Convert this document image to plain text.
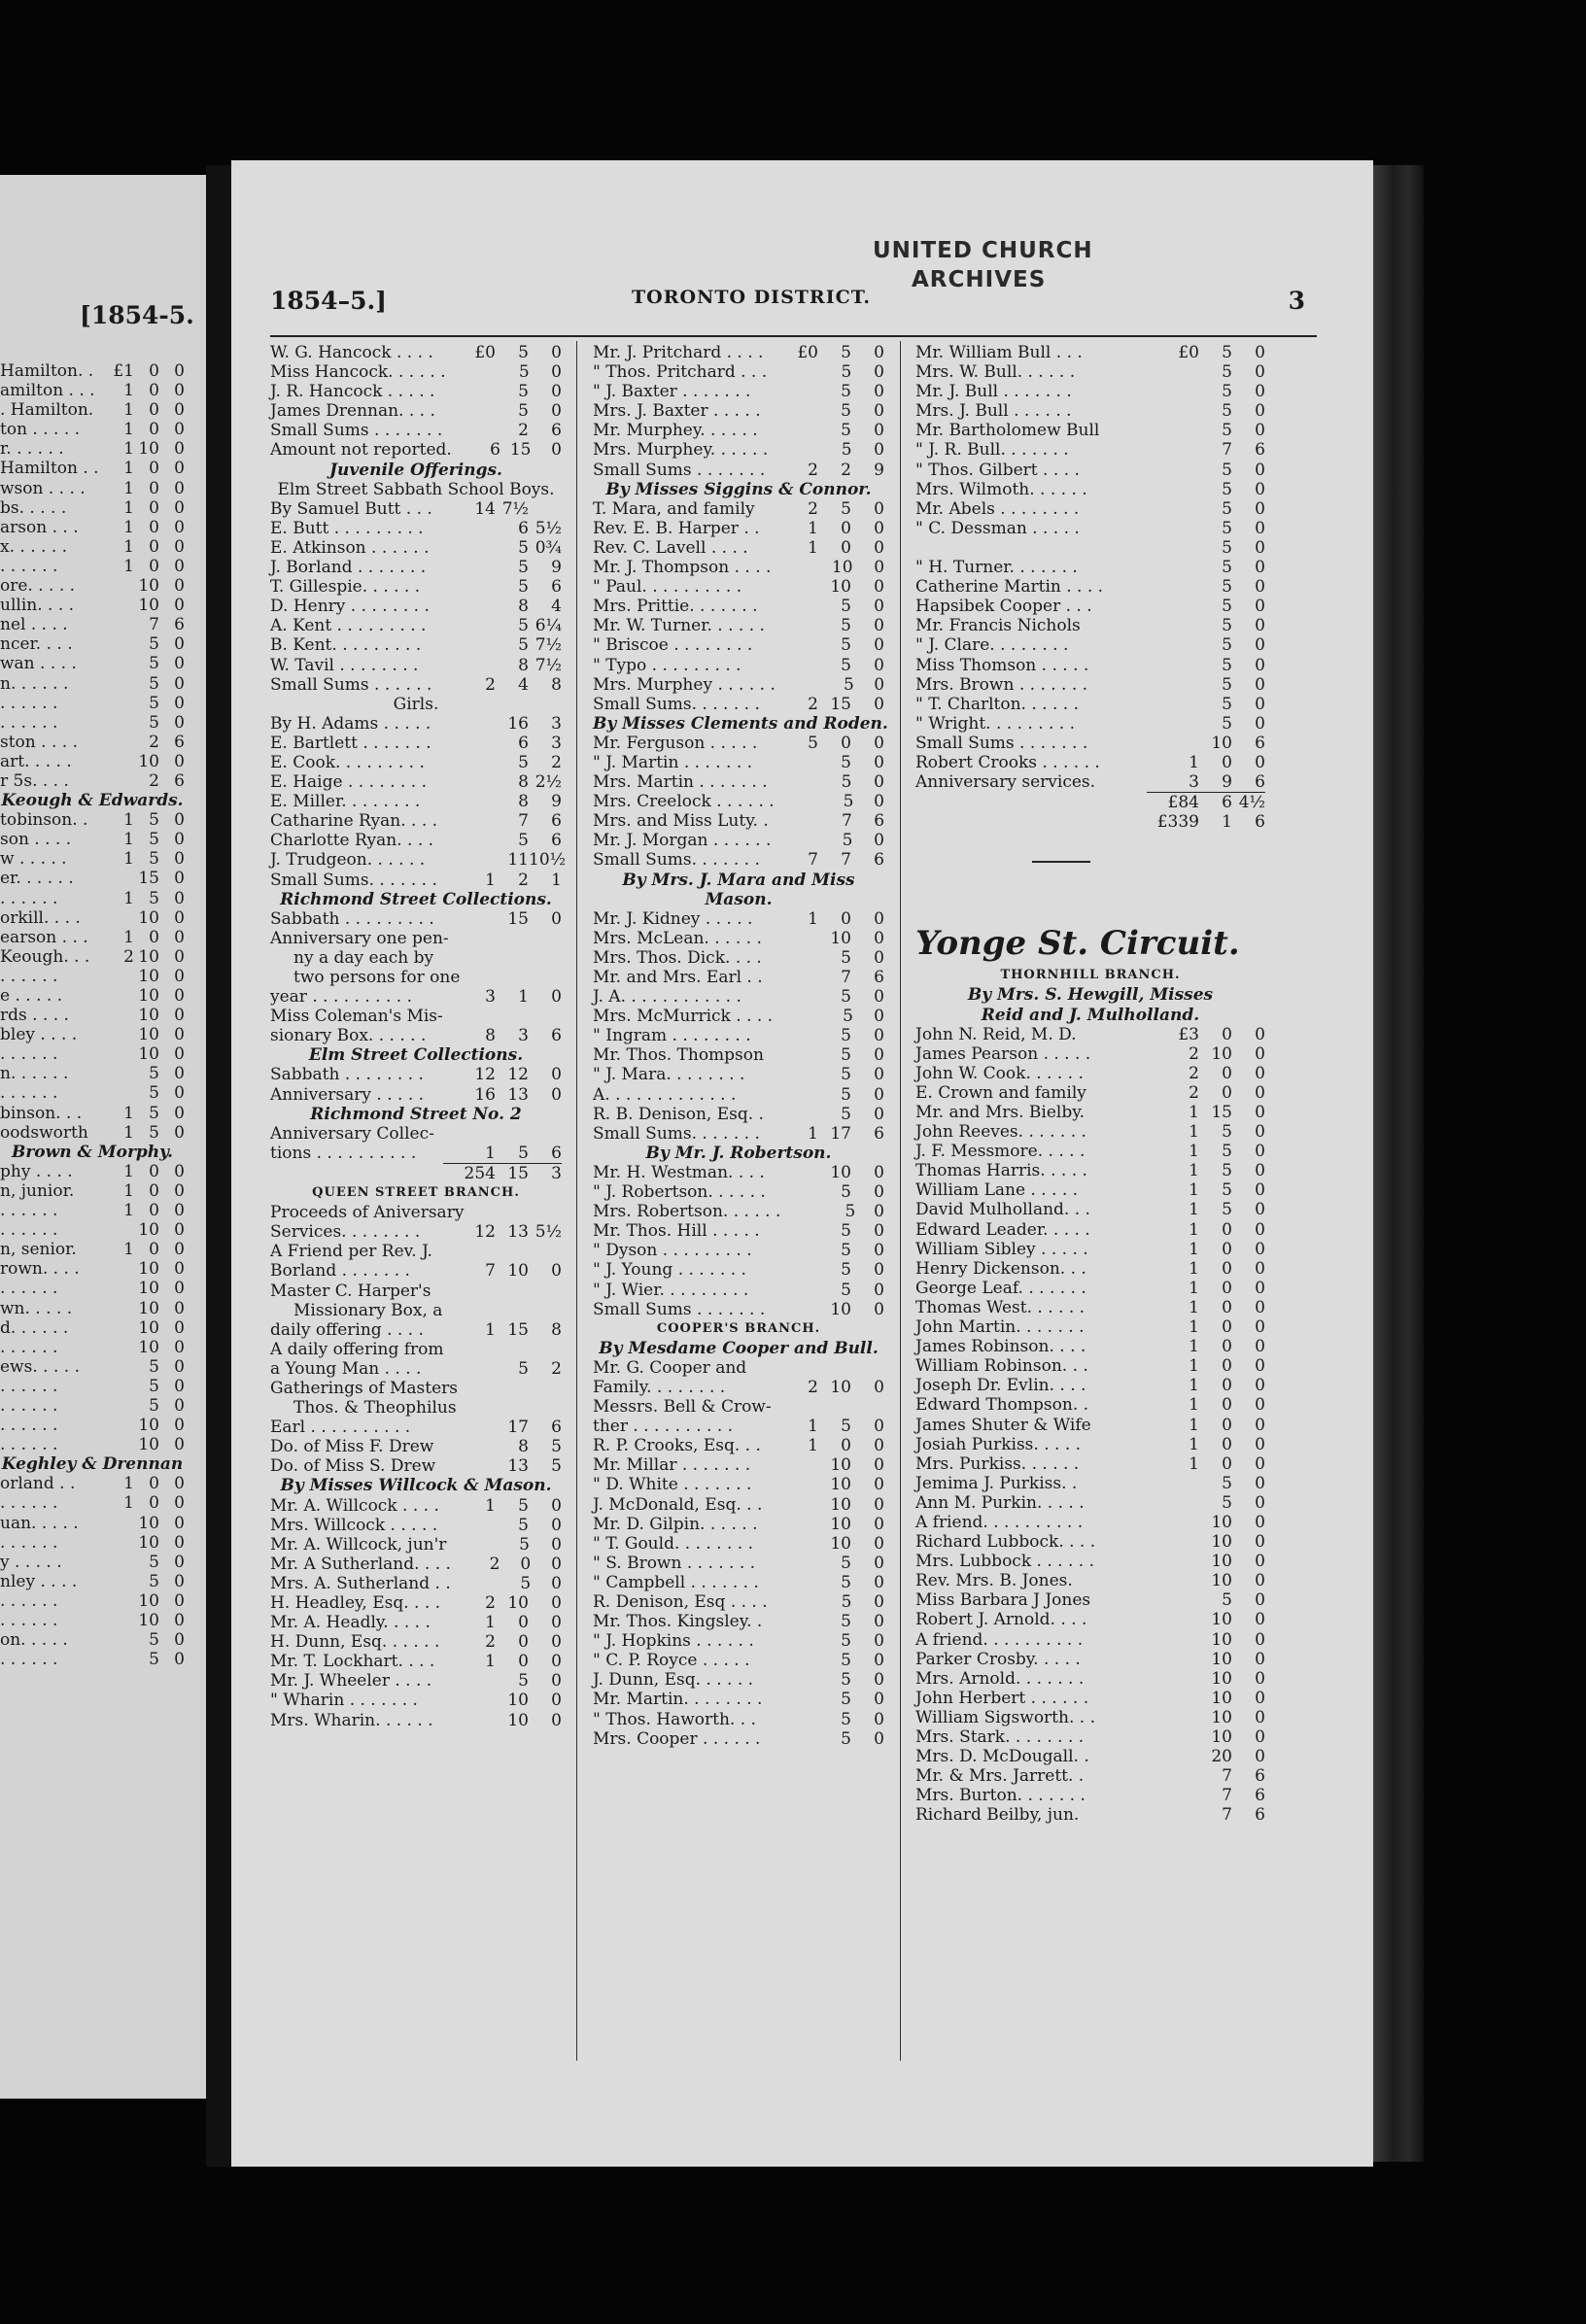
[1854-5.
Hamilton. .	£1 0 0
amilton . . .	1 0 0
. Hamilton.	1 0 0
ton . . . . .	1 0 0
r. . . . . .	1 10 0
Hamilton . .	1 0 0
wson . . . .	1 0 0
bs. . . . .	1 0 0
arson . . .	1 0 0
x. . . . . .	1 0 0
. . . . . .	1 0 0
ore. . . . .	10 0
ullin. . . .	10 0
nel . . . .	7 6
ncer. . . .	5 0
wan . . . .	5 0
n. . . . . .	5 0
. . . . . .	5 0
. . . . . .	5 0
ston . . . .	2 6
art. . . . .	10 0
r 5s. . . .	2 6
Keough & Edwards.
tobinson. .	1 5 0
son . . . .	1 5 0
w . . . . .	1 5 0
er. . . . . .	15 0
. . . . . .	1 5 0
orkill. . . .	10 0
earson . . .	1 0 0
Keough. . .	2 10 0
. . . . . .	10 0
e . . . . .	10 0
rds . . . .	10 0
bley . . . .	10 0
. . . . . .	10 0
n. . . . . .	5 0
. . . . . .	5 0
binson. . .	1 5 0
oodsworth	1 5 0
Brown & Morphy.
phy . . . .	1 0 0
n, junior.	1 0 0
. . . . . .	1 0 0
. . . . . .	10 0
n, senior.	1 0 0
rown. . . .	10 0
. . . . . .	10 0
wn. . . . .	10 0
d. . . . . .	10 0
. . . . . .	10 0
ews. . . . .	5 0
. . . . . .	5 0
. . . . . .	5 0
. . . . . .	10 0
. . . . . .	10 0
Keghley & Drennan
orland . .	1 0 0
. . . . . .	1 0 0
uan. . . . .	10 0
. . . . . .	10 0
y . . . . .	5 0
nley . . . .	5 0
. . . . . .	10 0
. . . . . .	10 0
on. . . . .	5 0
. . . . . .	5 0
UNITED CHURCH
ARCHIVES
1854–5.]	TORONTO DISTRICT.	3
W. G. Hancock . . . .	£0	5	0
Miss Hancock. . . . . .	5	0
J. R. Hancock . . . . .	5	0
James Drennan. . . .	5	0
Small Sums . . . . . . .	2	6
Amount not reported.	6 15	0
Juvenile Offerings.
Elm Street Sabbath School Boys.
By Samuel Butt . . .	14 7½
E. Butt . . . . . . . . .	6 5½
E. Atkinson . . . . . .	5 0¾
J. Borland . . . . . . .	5	9
T. Gillespie. . . . . .	5	6
D. Henry . . . . . . . .	8	4
A. Kent . . . . . . . . .	5 6¼
B. Kent. . . . . . . . .	5 7½
W. Tavil . . . . . . . .	8 7½
Small Sums . . . . . .	2	4	8
Girls.
By H. Adams . . . . .	16	3
E. Bartlett . . . . . . .	6	3
E. Cook. . . . . . . . .	5	2
E. Haige . . . . . . . .	8 2½
E. Miller. . . . . . . .	8	9
Catharine Ryan. . . .	7	6
Charlotte Ryan. . . .	5	6
J. Trudgeon. . . . . .	11 10½
Small Sums. . . . . . .	1	2	1
Richmond Street Collections.
Sabbath . . . . . . . . .	15	0
Anniversary one pen-
ny a day each by
two persons for one
year . . . . . . . . . .	3	1	0
Miss Coleman's Mis-
sionary Box. . . . . .	8	3	6
Elm Street Collections.
Sabbath . . . . . . . .	12 12	0
Anniversary . . . . .	16 13	0
Richmond Street No. 2
Anniversary Collec-
tions . . . . . . . . . .	1	5	6
254 15	3
QUEEN STREET BRANCH.
Proceeds of Aniversary
Services. . . . . . . .	12 13 5½
A Friend per Rev. J.
Borland . . . . . . .	7 10	0
Master C. Harper's
Missionary Box, a
daily offering . . . .	1 15	8
A daily offering from
a Young Man . . . .	5	2
Gatherings of Masters
Thos. & Theophilus
Earl . . . . . . . . . .	17	6
Do. of Miss F. Drew	8	5
Do. of Miss S. Drew	13	5
By Misses Willcock & Mason.
Mr. A. Willcock . . . .	1	5	0
Mrs. Willcock . . . . .	5	0
Mr. A. Willcock, jun'r	5	0
Mr. A Sutherland. . . .	2	0	0
Mrs. A. Sutherland . .	5	0
H. Headley, Esq. . . .	2 10	0
Mr. A. Headly. . . . .	1	0	0
H. Dunn, Esq. . . . . .	2	0	0
Mr. T. Lockhart. . . .	1	0	0
Mr. J. Wheeler . . . .	5	0
" Wharin . . . . . . .	10	0
Mrs. Wharin. . . . . .	10	0
Mr. J. Pritchard . . . .	£0	5	0
" Thos. Pritchard . . .	5	0
" J. Baxter . . . . . . .	5	0
Mrs. J. Baxter . . . . .	5	0
Mr. Murphey. . . . . .	5	0
Mrs. Murphey. . . . . .	5	0
Small Sums . . . . . . .	2	2	9
By Misses Siggins & Connor.
T. Mara, and family	2	5	0
Rev. E. B. Harper . .	1	0	0
Rev. C. Lavell . . . .	1	0	0
Mr. J. Thompson . . . .	10	0
" Paul. . . . . . . . . .	10	0
Mrs. Prittie. . . . . . .	5	0
Mr. W. Turner. . . . . .	5	0
" Briscoe . . . . . . . .	5	0
" Typo . . . . . . . . .	5	0
Mrs. Murphey . . . . . .	5	0
Small Sums. . . . . . .	2 15	0
By Misses Clements and Roden.
Mr. Ferguson . . . . .	5	0	0
" J. Martin . . . . . . .	5	0
Mrs. Martin . . . . . . .	5	0
Mrs. Creelock . . . . . .	5	0
Mrs. and Miss Luty. .	7	6
Mr. J. Morgan . . . . . .	5	0
Small Sums. . . . . . .	7	7	6
By Mrs. J. Mara and Miss
Mason.
Mr. J. Kidney . . . . .	1	0	0
Mrs. McLean. . . . . .	10	0
Mrs. Thos. Dick. . . .	5	0
Mr. and Mrs. Earl . .	7	6
J. A. . . . . . . . . . . .	5	0
Mrs. McMurrick . . . .	5	0
" Ingram . . . . . . . .	5	0
Mr. Thos. Thompson	5	0
" J. Mara. . . . . . . .	5	0
A. . . . . . . . . . . . .	5	0
R. B. Denison, Esq. .	5	0
Small Sums. . . . . . .	1 17	6
By Mr. J. Robertson.
Mr. H. Westman. . . .	10	0
" J. Robertson. . . . . .	5	0
Mrs. Robertson. . . . . .	5	0
Mr. Thos. Hill . . . . .	5	0
" Dyson . . . . . . . . .	5	0
" J. Young . . . . . . .	5	0
" J. Wier. . . . . . . . .	5	0
Small Sums . . . . . . .	10	0
COOPER'S BRANCH.
By Mesdame Cooper and Bull.
Mr. G. Cooper and
Family. . . . . . . .	2 10	0
Messrs. Bell & Crow-
ther . . . . . . . . . .	1	5	0
R. P. Crooks, Esq. . .	1	0	0
Mr. Millar . . . . . . .	10	0
" D. White . . . . . . .	10	0
J. McDonald, Esq. . .	10	0
Mr. D. Gilpin. . . . . .	10	0
" T. Gould. . . . . . . .	10	0
" S. Brown . . . . . . .	5	0
" Campbell . . . . . . .	5	0
R. Denison, Esq . . . .	5	0
Mr. Thos. Kingsley. .	5	0
" J. Hopkins . . . . . .	5	0
" C. P. Royce . . . . .	5	0
J. Dunn, Esq. . . . . .	5	0
Mr. Martin. . . . . . . .	5	0
" Thos. Haworth. . .	5	0
Mrs. Cooper . . . . . .	5	0
Mr. William Bull . . .	£0	5	0
Mrs. W. Bull. . . . . .	5	0
Mr. J. Bull . . . . . . .	5	0
Mrs. J. Bull . . . . . .	5	0
Mr. Bartholomew Bull	5	0
" J. R. Bull. . . . . . .	7	6
" Thos. Gilbert . . . .	5	0
Mrs. Wilmoth. . . . . .	5	0
Mr. Abels . . . . . . . .	5	0
" C. Dessman . . . . .	5	0
5	0
" H. Turner. . . . . . .	5	0
Catherine Martin . . . .	5	0
Hapsibek Cooper . . .	5	0
Mr. Francis Nichols	5	0
" J. Clare. . . . . . . .	5	0
Miss Thomson . . . . .	5	0
Mrs. Brown . . . . . . .	5	0
" T. Charlton. . . . . .	5	0
" Wright. . . . . . . . .	5	0
Small Sums . . . . . . .	10	6
Robert Crooks . . . . . .	1	0	0
Anniversary services.	3	9	6
£84	6 4½
£339	1	6
Yonge St. Circuit.
THORNHILL BRANCH.
By Mrs. S. Hewgill, Misses
Reid and J. Mulholland.
John N. Reid, M. D.	£3	0	0
James Pearson . . . . .	2 10	0
John W. Cook. . . . . .	2	0	0
E. Crown and family	2	0	0
Mr. and Mrs. Bielby.	1 15	0
John Reeves. . . . . . .	1	5	0
J. F. Messmore. . . . .	1	5	0
Thomas Harris. . . . .	1	5	0
William Lane . . . . .	1	5	0
David Mulholland. . .	1	5	0
Edward Leader. . . . .	1	0	0
William Sibley . . . . .	1	0	0
Henry Dickenson. . .	1	0	0
George Leaf. . . . . . .	1	0	0
Thomas West. . . . . .	1	0	0
John Martin. . . . . . .	1	0	0
James Robinson. . . .	1	0	0
William Robinson. . .	1	0	0
Joseph Dr. Evlin. . . .	1	0	0
Edward Thompson. .	1	0	0
James Shuter & Wife	1	0	0
Josiah Purkiss. . . . .	1	0	0
Mrs. Purkiss. . . . . .	1	0	0
Jemima J. Purkiss. .	5	0
Ann M. Purkin. . . . .	5	0
A friend. . . . . . . . . .	10	0
Richard Lubbock. . . .	10	0
Mrs. Lubbock . . . . . .	10	0
Rev. Mrs. B. Jones.	10	0
Miss Barbara J Jones	5	0
Robert J. Arnold. . . .	10	0
A friend. . . . . . . . . .	10	0
Parker Crosby. . . . .	10	0
Mrs. Arnold. . . . . . .	10	0
John Herbert . . . . . .	10	0
William Sigsworth. . .	10	0
Mrs. Stark. . . . . . . .	10	0
Mrs. D. McDougall. .	20	0
Mr. & Mrs. Jarrett. .	7	6
Mrs. Burton. . . . . . .	7	6
Richard Beilby, jun.	7	6
